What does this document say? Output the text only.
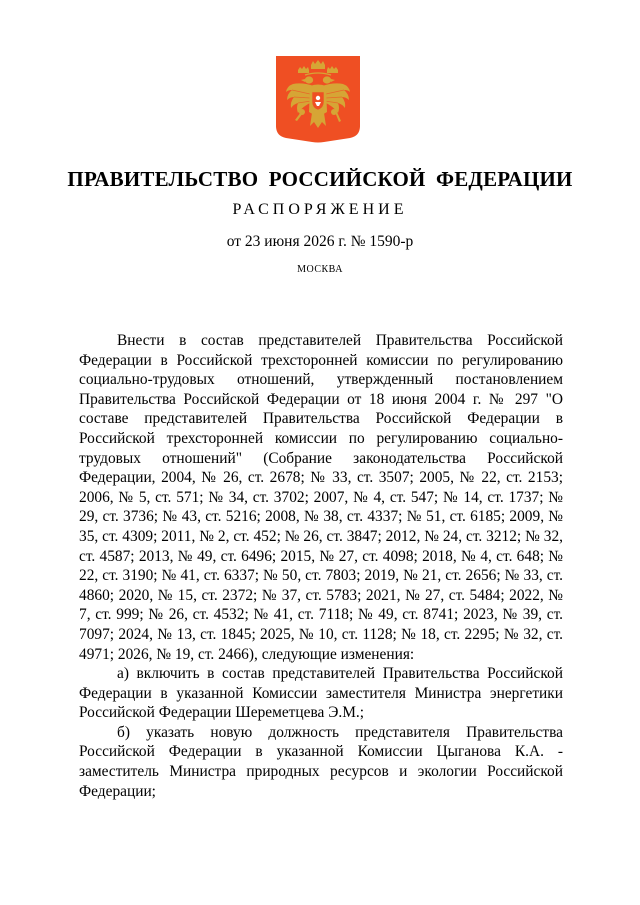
ПРАВИТЕЛЬСТВО РОССИЙСКОЙ ФЕДЕРАЦИИ
РАСПОРЯЖЕНИЕ
от 23 июня 2026 г. № 1590-р
МОСКВА

Внести в состав представителей Правительства Российской Федерации в Российской трехсторонней комиссии по регулированию социально-трудовых отношений, утвержденный постановлением Правительства Российской Федерации от 18 июня 2004 г. № 297 "О составе представителей Правительства Российской Федерации в Российской трехсторонней комиссии по регулированию социально-трудовых отношений" (Собрание законодательства Российской Федерации, 2004, № 26, ст. 2678; № 33, ст. 3507; 2005, № 22, ст. 2153; 2006, № 5, ст. 571; № 34, ст. 3702; 2007, № 4, ст. 547; № 14, ст. 1737; № 29, ст. 3736; № 43, ст. 5216; 2008, № 38, ст. 4337; № 51, ст. 6185; 2009, № 35, ст. 4309; 2011, № 2, ст. 452; № 26, ст. 3847; 2012, № 24, ст. 3212; № 32, ст. 4587; 2013, № 49, ст. 6496; 2015, № 27, ст. 4098; 2018, № 4, ст. 648; № 22, ст. 3190; № 41, ст. 6337; № 50, ст. 7803; 2019, № 21, ст. 2656; № 33, ст. 4860; 2020, № 15, ст. 2372; № 37, ст. 5783; 2021, № 27, ст. 5484; 2022, № 7, ст. 999; № 26, ст. 4532; № 41, ст. 7118; № 49, ст. 8741; 2023, № 39, ст. 7097; 2024, № 13, ст. 1845; 2025, № 10, ст. 1128; № 18, ст. 2295; № 32, ст. 4971; 2026, № 19, ст. 2466), следующие изменения:

а) включить в состав представителей Правительства Российской Федерации в указанной Комиссии заместителя Министра энергетики Российской Федерации Шереметцева Э.М.;

б) указать новую должность представителя Правительства Российской Федерации в указанной Комиссии Цыганова К.А. - заместитель Министра природных ресурсов и экологии Российской Федерации;
